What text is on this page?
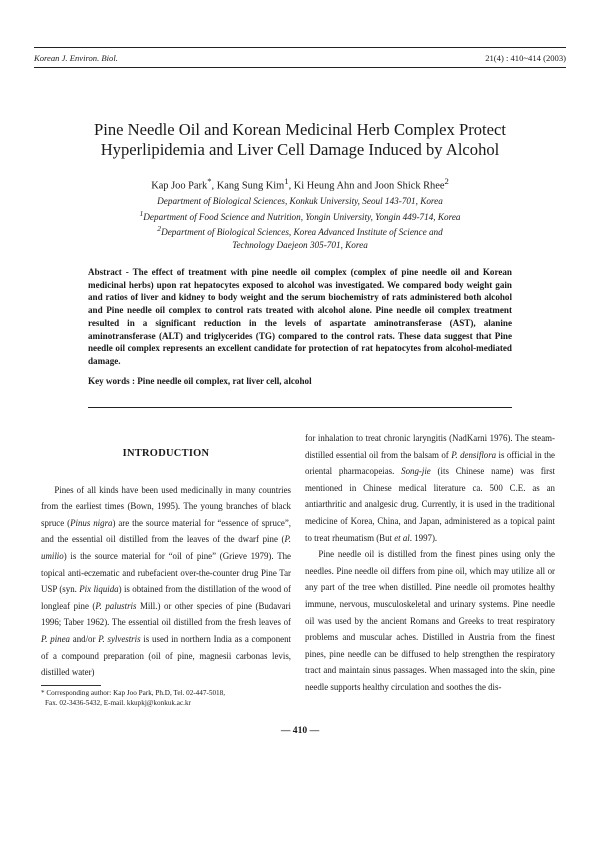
Korean J. Environ. Biol.	21(4) : 410~414 (2003)
Pine Needle Oil and Korean Medicinal Herb Complex Protect
Hyperlipidemia and Liver Cell Damage Induced by Alcohol
Kap Joo Park*, Kang Sung Kim$^1$, Ki Heung Ahn and Joon Shick Rhee$^2$
Department of Biological Sciences, Konkuk University, Seoul 143-701, Korea
$^1$Department of Food Science and Nutrition, Yongin University, Yongin 449-714, Korea
$^2$Department of Biological Sciences, Korea Advanced Institute of Science and
Technology Daejeon 305-701, Korea

Abstract - The effect of treatment with pine needle oil complex (complex of pine needle oil and Korean medicinal herbs) upon rat hepatocytes exposed to alcohol was investigated. We compared body weight gain and ratios of liver and kidney to body weight and the serum biochemistry of rats administered both alcohol and Pine needle oil complex to control rats treated with alcohol alone. Pine needle oil complex treatment resulted in a significant reduction in the levels of aspartate aminotransferase (AST), alanine aminotransferase (ALT) and triglycerides (TG) compared to the control rats. These data suggest that Pine needle oil complex represents an excellent candidate for protection of rat hepatocytes from alcohol-mediated damage.

Key words : Pine needle oil complex, rat liver cell, alcohol

INTRODUCTION

Pines of all kinds have been used medicinally in many countries from the earliest times (Bown, 1995). The young branches of black spruce (Pinus nigra) are the source material for “essence of spruce”, and the essential oil distilled from the leaves of the dwarf pine (P. umilio) is the source material for “oil of pine” (Grieve 1979). The topical anti-eczematic and rubefacient over-the-counter drug Pine Tar USP (syn. Pix liquida) is obtained from the distillation of the wood of longleaf pine (P. palustris Mill.) or other species of pine (Budavari 1996; Taber 1962). The essential oil distilled from the fresh leaves of P. pinea and/or P. sylvestris is used in northern India as a component of a compound preparation (oil of pine, magnesii carbonas levis, distilled water)

for inhalation to treat chronic laryngitis (NadKarni 1976). The steam-distilled essential oil from the balsam of P. densiflora is official in the oriental pharmacopeias. Song-jie (its Chinese name) was first mentioned in Chinese medical literature ca. 500 C.E. as an antiarthritic and analgesic drug. Currently, it is used in the traditional medicine of Korea, China, and Japan, administered as a topical paint to treat rheumatism (But et al. 1997).

Pine needle oil is distilled from the finest pines using only the needles. Pine needle oil differs from pine oil, which may utilize all or any part of the tree when distilled. Pine needle oil promotes healthy immune, nervous, musculoskeletal and urinary systems. Pine needle oil was used by the ancient Romans and Greeks to treat respiratory problems and muscular aches. Distilled in Austria from the finest pines, pine needle can be diffused to help strengthen the respiratory tract and maintain sinus passages. When massaged into the skin, pine needle supports healthy circulation and soothes the dis-

* Corresponding author: Kap Joo Park, Ph.D, Tel. 02-447-5018,
Fax. 02-3436-5432, E-mail. kkupkj@konkuk.ac.kr
— 410 —
